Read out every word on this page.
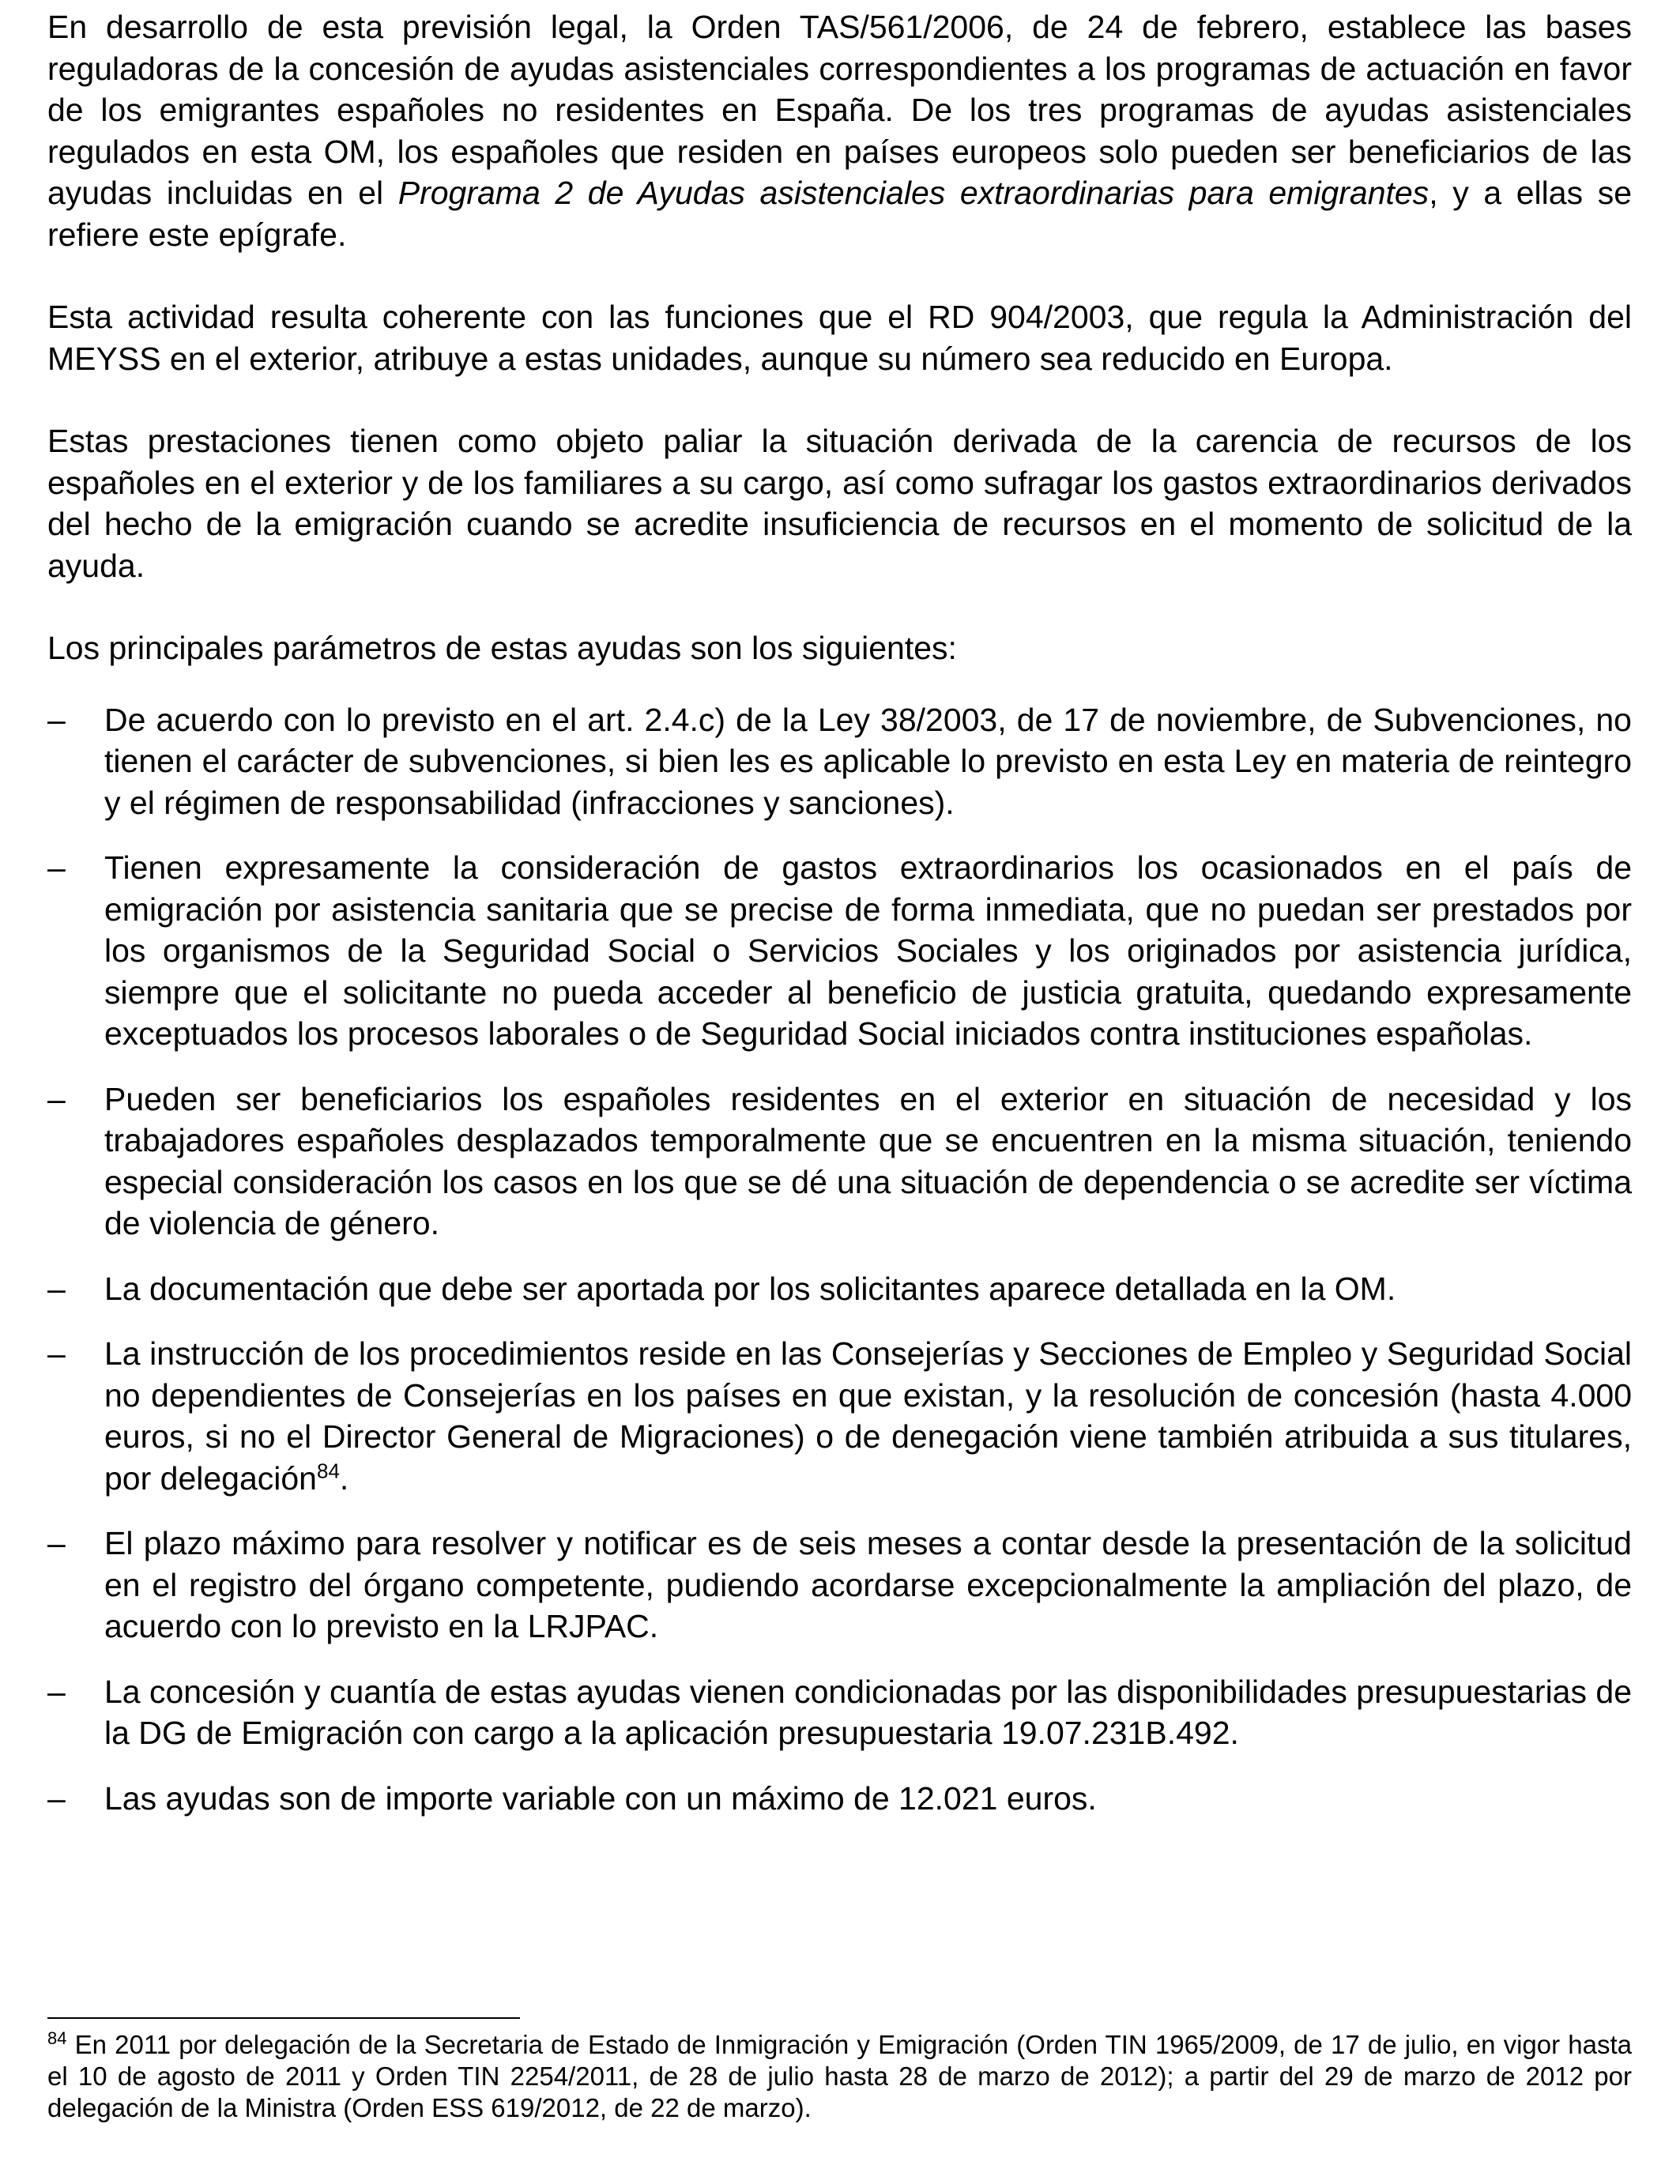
En desarrollo de esta previsión legal, la Orden TAS/561/2006, de 24 de febrero, establece las bases reguladoras de la concesión de ayudas asistenciales correspondientes a los programas de actuación en favor de los emigrantes españoles no residentes en España. De los tres programas de ayudas asistenciales regulados en esta OM, los españoles que residen en países europeos solo pueden ser beneficiarios de las ayudas incluidas en el Programa 2 de Ayudas asistenciales extraordinarias para emigrantes, y a ellas se refiere este epígrafe.

Esta actividad resulta coherente con las funciones que el RD 904/2003, que regula la Administración del MEYSS en el exterior, atribuye a estas unidades, aunque su número sea reducido en Europa.

Estas prestaciones tienen como objeto paliar la situación derivada de la carencia de recursos de los españoles en el exterior y de los familiares a su cargo, así como sufragar los gastos extraordinarios derivados del hecho de la emigración cuando se acredite insuficiencia de recursos en el momento de solicitud de la ayuda.

Los principales parámetros de estas ayudas son los siguientes:

–	De acuerdo con lo previsto en el art. 2.4.c) de la Ley 38/2003, de 17 de noviembre, de Subvenciones, no tienen el carácter de subvenciones, si bien les es aplicable lo previsto en esta Ley en materia de reintegro y el régimen de responsabilidad (infracciones y sanciones).
–	Tienen expresamente la consideración de gastos extraordinarios los ocasionados en el país de emigración por asistencia sanitaria que se precise de forma inmediata, que no puedan ser prestados por los organismos de la Seguridad Social o Servicios Sociales y los originados por asistencia jurídica, siempre que el solicitante no pueda acceder al beneficio de justicia gratuita, quedando expresamente exceptuados los procesos laborales o de Seguridad Social iniciados contra instituciones españolas.
–	Pueden ser beneficiarios los españoles residentes en el exterior en situación de necesidad y los trabajadores españoles desplazados temporalmente que se encuentren en la misma situación, teniendo especial consideración los casos en los que se dé una situación de dependencia o se acredite ser víctima de violencia de género.
–	La documentación que debe ser aportada por los solicitantes aparece detallada en la OM.
–	La instrucción de los procedimientos reside en las Consejerías y Secciones de Empleo y Seguridad Social no dependientes de Consejerías en los países en que existan, y la resolución de concesión (hasta 4.000 euros, si no el Director General de Migraciones) o de denegación viene también atribuida a sus titulares, por delegación$^{84}$.
–	El plazo máximo para resolver y notificar es de seis meses a contar desde la presentación de la solicitud en el registro del órgano competente, pudiendo acordarse excepcionalmente la ampliación del plazo, de acuerdo con lo previsto en la LRJPAC.
–	La concesión y cuantía de estas ayudas vienen condicionadas por las disponibilidades presupuestarias de la DG de Emigración con cargo a la aplicación presupuestaria 19.07.231B.492.
–	Las ayudas son de importe variable con un máximo de 12.021 euros.
$^{84}$ En 2011 por delegación de la Secretaria de Estado de Inmigración y Emigración (Orden TIN 1965/2009, de 17 de julio, en vigor hasta el 10 de agosto de 2011 y Orden TIN 2254/2011, de 28 de julio hasta 28 de marzo de 2012); a partir del 29 de marzo de 2012 por delegación de la Ministra (Orden ESS 619/2012, de 22 de marzo).
